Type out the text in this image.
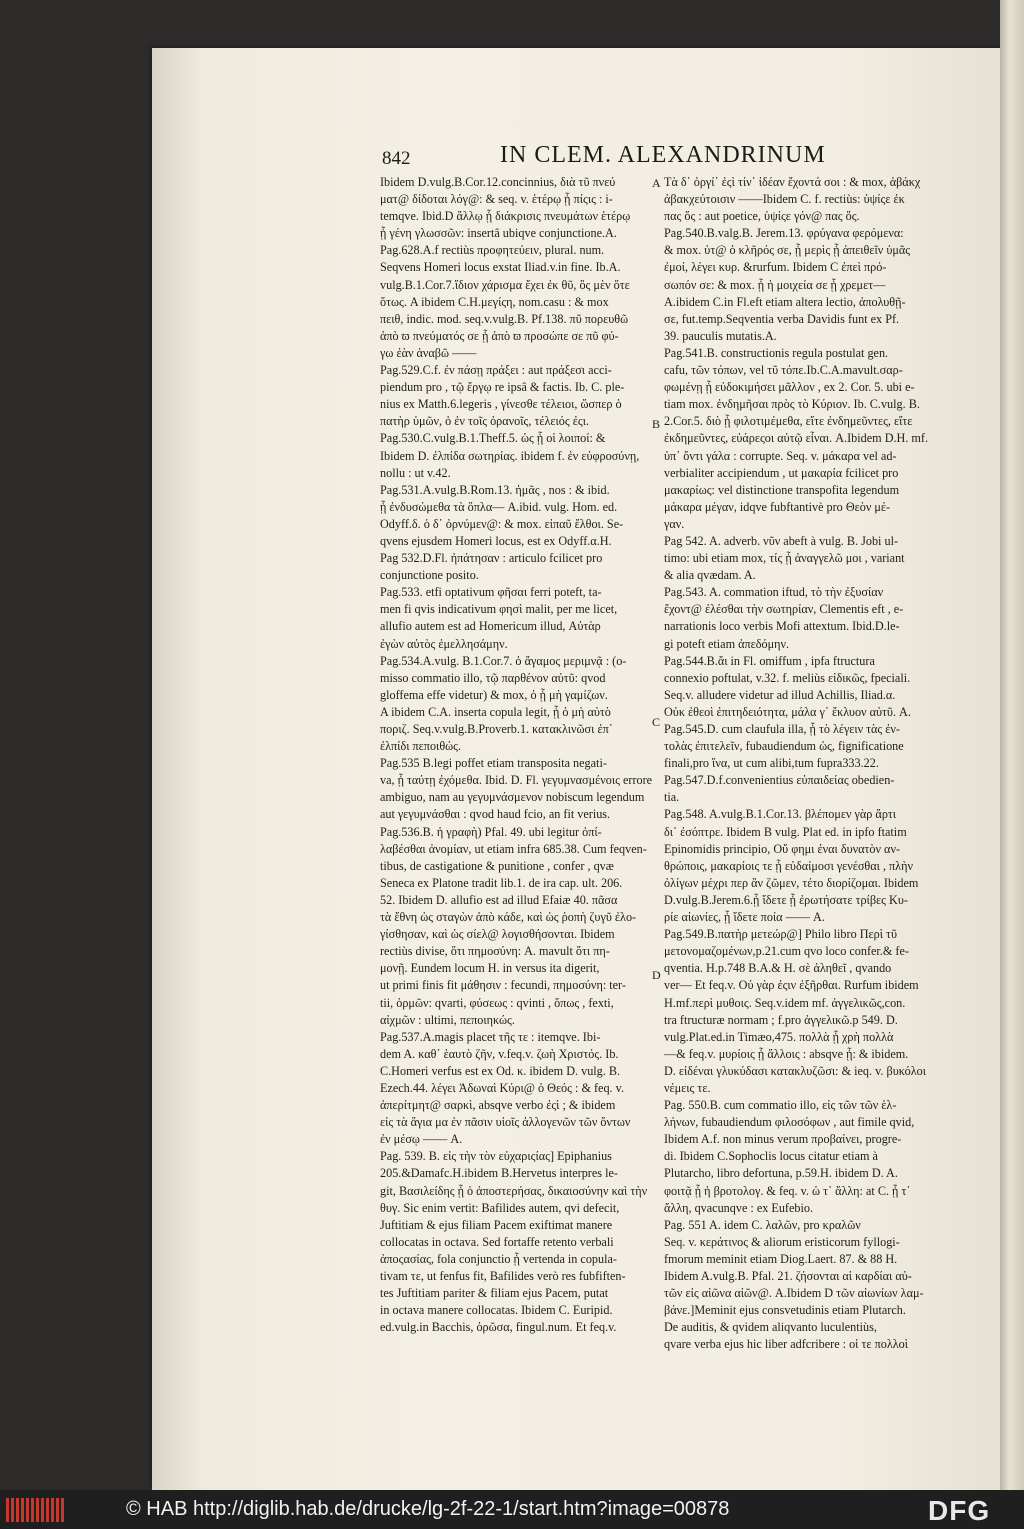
842	IN CLEM. ALEXANDRINUM
Ibidem D.vulg.B.Cor.12.concinnius, διὰ τῦ πνεύ
ματ@ δίδοται λόγ@: & seq. v. ἑτέρῳ ᾗ πίςις : i-
temqve. Ibid.D ἄλλῳ ᾗ διάκρισις πνευμάτων ἑτέρῳ
ᾗ γένη γλωσσῶν: insertâ ubiqve conjunctione.A.
Pag.628.A.f rectiùs προφητεύειν, plural. num.
Seqvens Homeri locus exstat Iliad.v.in fine. Ib.A.
vulg.B.1.Cor.7.ἴδιον χάρισμα ἔχει ἐκ θῦ, ὃς μὲν ὅτε
ὅτως. A ibidem C.H.μεγίςη, nom.casu : & mox
πειθ, indic. mod. seq.v.vulg.B. Pf.138. πῦ πορευθῶ
ἀπὸ ϖ πνεύματός σε ᾗ ἀπὸ ϖ προσώπε σε πῦ φύ-
γω ἐὰν ἀναβῶ ——
Pag.529.C.f. ἐν πάσῃ πράξει : aut πράξεσι acci-
piendum pro , τῷ ἔργῳ re ipsâ & factis. Ib. C. ple-
nius ex Matth.6.legeris , γίνεσθε τέλειοι, ὥσπερ ὁ
πατὴρ ὑμῶν, ὁ ἐν τοῖς ὀρανοῖς, τέλειός ἐςι.
Pag.530.C.vulg.B.1.Theff.5. ὡς ᾗ οἱ λοιποί: &
Ibidem D. ἐλπίδα σωτηρίας. ibidem f. ἐν εὐφροσύνῃ,
nollu : ut v.42.
Pag.531.A.vulg.B.Rom.13. ἡμᾶς , nos : & ibid.
ᾗ ἐνδυσώμεθα τὰ ὅπλα— A.ibid. vulg. Hom. ed.
Odyff.δ. ὁ δ᾽ ὀρνύμεν@: & mox. εἰπαῦ ἔλθοι. Se-
qvens ejusdem Homeri locus, est ex Odyff.α.H.
Pag 532.D.Fl. ἠπάτησαν : articulo fcilicet pro
conjunctione posito.
Pag.533. etfi optativum φῆσαι ferri poteft, ta-
men fi qvis indicativum φησὶ malit, per me licet,
allufio autem est ad Homericum illud, Αὐτὰρ
ἐγὼν αὐτὸς ἐμελλησάμην.
Pag.534.A.vulg. B.1.Cor.7. ὁ ἄγαμος μεριμνᾷ : (o-
misso commatio illo, τῷ παρθένον αὐτῦ: qvod
gloffema effe videtur) & mox, ὁ ᾗ μὴ γαμίζων.
A ibidem C.A. inserta copula legit, ᾗ ὁ μὴ αὐτὸ
ποριζ. Seq.v.vulg.B.Proverb.1. κατακλινῶσι ἐπ᾽
ἐλπίδι πεποιθώς.
Pag.535 B.legi poffet etiam transposita negati-
va, ᾗ ταύτῃ ἐχόμεθα. Ibid. D. Fl. γεγυμνασμένοις errore
ambiguo, nam au γεγυμνάσμενον nobiscum legendum
aut γεγυμνάσθαι : qvod haud fcio, an fit verius.
Pag.536.B. ἡ γραφὴ) Pfal. 49. ubi legitur ὀπί-
λαβέσθαι ἀνομίαν, ut etiam infra 685.38. Cum feqven-
tibus, de castigatione & punitione , confer , qvæ
Seneca ex Platone tradit lib.1. de ira cap. ult. 206.
52. Ibidem D. allufio est ad illud Efaiæ 40. πᾶσα
τὰ ἔθνη ὡς σταγὼν ἀπὸ κάδε, καὶ ὡς ῥοπὴ ζυγῦ ἐλο-
γίσθησαν, καὶ ὡς σίελ@ λογισθήσονται. Ibidem
rectiùs divise, ὅτι πημοσύνη: A. mavult ὅτι πη-
μονῇ. Eundem locum H. in versus ita digerit,
ut primi finis fit μάθησιν : fecundi, πημοσύνη: ter-
tii, ὁρμῶν: qvarti, φύσεως : qvinti , ὅπως , fexti,
αἰχμῶν : ultimi, πεποιηκώς.
Pag.537.A.magis placet τῆς τε : itemqve. Ibi-
dem A. καθ᾽ ἑαυτὸ ζῆν, v.feq.v. ζωὴ Χριστός. Ib.
C.Homeri verfus est ex Od. κ. ibidem D. vulg. B.
Ezech.44. λέγει Ἀδωναὶ Κύρι@ ὁ Θεός : & feq. v.
ἀπερίτμητ@ σαρκὶ, absqve verbo ἐςὶ ; & ibidem
εἰς τὰ ἅγια μα ἐν πᾶσιν υἱοῖς ἀλλογενῶν τῶν ὄντων
ἐν μέσῳ —— A.
Pag. 539. B. εἰς τὴν τὸν εὐχαριςίας] Epiphanius
205.&Damafc.H.ibidem B.Hervetus interpres le-
git, Βασιλείδης ᾗ ὁ ἀποστερήσας, δικαιοσύνην καὶ τὴν
θυγ. Sic enim vertit: Bafilides autem, qvi defecit,
Juftitiam & ejus filiam Pacem exiftimat manere
collocatas in octava. Sed fortaffe retento verbali
ἀποςασίας, fola conjunctio ᾗ vertenda in copula-
tivam τε, ut fenfus fit, Bafilides verò res fubfiften-
tes Juftitiam pariter & filiam ejus Pacem, putat
in octava manere collocatas. Ibidem C. Euripid.
ed.vulg.in Bacchis, ὁρῶσα, fingul.num. Et feq.v.
Τὰ δ᾽ ὀργί᾽ ἐςὶ τίν᾽ ἰδέαν ἔχοντά σοι : & mox, ἀβάκχ
ἀβακχεύτοισιν ——Ibidem C. f. rectiùs: ὑψίςε ἐκ
πας ὅς : aut poetice, ὑψίςε γόν@ πας ὅς.
Pag.540.B.valg.B. Jerem.13. φρύγανα φερόμενα:
& mox. ὑτ@ ὁ κλῆρός σε, ᾗ μερὶς ᾗ ἀπειθεῖν ὑμᾶς
ἐμοί, λέγει κυρ. &rurfum. Ibidem C ἐπεὶ πρό-
σωπόν σε: & mox. ᾗ ἡ μοιχεία σε ᾗ χρεμετ—
A.ibidem C.in Fl.eft etiam altera lectio, ἀπολυθῇ-
σε, fut.temp.Seqventia verba Davidis funt ex Pf.
39. pauculis mutatis.A.
Pag.541.B. constructionis regula postulat gen.
cafu, τῶν τόπων, vel τῦ τόπε.Ib.C.A.mavult.σαρ-
φωμένῃ ᾗ εὐδοκιμήσει μᾶλλον , ex 2. Cor. 5. ubi e-
tiam mox. ἐνδημῆσαι πρὸς τὸ Κύριον. Ib. C.vulg. B.
2.Cor.5. διὸ ᾗ φιλοτιμέμεθα, εἴτε ἐνδημεῦντες, εἴτε
ἐκδημεῦντες, εὐάρεςοι αὐτῷ εἶναι. A.Ibidem D.H. mf.
ὑπ᾽ ὄντι γάλα : corrupte. Seq. v. μάκαρα vel ad-
verbialiter accipiendum , ut μακαρία fcilicet pro
μακαρίως: vel distinctione transpofita legendum
μάκαρα μέγαν, idqve fubftantivè pro Θεὸν μέ-
γαν.
Pag 542. A. adverb. νῦν abeft à vulg. B. Jobi ul-
timo: ubi etiam mox, τίς ᾗ ἀναγγελῶ μοι , variant
& alia qvædam. A.
Pag.543. A. commation iftud, τὸ τὴν ἐξυσίαν
ἔχοντ@ ἐλέσθαι τὴν σωτηρίαν, Clementis eft , e-
narrationis loco verbis Mofi attextum. Ibid.D.le-
gi poteft etiam ἀπεδόμην.
Pag.544.B.ἄι in Fl. omiffum , ipfa ftructura
connexio poftulat, v.32. f. meliùs εἰδικῶς, fpeciali.
Seq.v. alludere videtur ad illud Achillis, Iliad.α.
Οὐκ ἐθεοὶ ἐπιτηδειότητα, μάλα γ᾽ ἔκλυον αὐτῦ. A.
Pag.545.D. cum claufula illa, ᾗ τὸ λέγειν τὰς ἐν-
τολὰς ἐπιτελεῖν, fubaudiendum ὡς, fignificatione
finali,pro ἵνα, ut cum alibi,tum fupra333.22.
Pag.547.D.f.convenientius εὐπαιδείας obedien-
tia.
Pag.548. A.vulg.B.1.Cor.13. βλέπομεν γὰρ ἄρτι
δι᾽ ἐσόπτρε. Ibidem B vulg. Plat ed. in ipfo ftatim
Epinomidis principio, Οὔ φημι ἐναι δυνατὸν αν-
θρώποις, μακαρίοις τε ᾗ εὐδαίμοσι γενέσθαι , πλὴν
ὀλίγων μέχρι περ ἂν ζῶμεν, τέτο διορίζομαι. Ibidem
D.vulg.B.Jerem.6.ᾗ ἴδετε ᾗ ἐρωτήσατε τρίβες Κυ-
ρίε αἰωνίες, ᾗ ἴδετε ποία —— A.
Pag.549.B.πατὴρ μετεώρ@] Philo libro Περὶ τῦ
μετονομαζομένων,p.21.cum qvo loco confer.& fe-
qventia. H.p.748 B.A.& H. σὲ ἀληθεῖ , qvando
ver— Et feq.v. Οὐ γὰρ ἐςιν ἐξῆρθαι. Rurfum ibidem
H.mf.περὶ μυθοις. Seq.v.idem mf. ἀγγελικῶς,con.
tra ftructuræ normam ; f.pro ἀγγελικῶ.p 549. D.
vulg.Plat.ed.in Timæo,475. πολλὰ ᾗ χρὴ πολλὰ
—& feq.v. μυρίοις ᾗ ἄλλοις : absqve ᾗ: & ibidem.
D. εἰδέναι γλυκύδασι κατακλυζῶσι: & ieq. v. βυκόλοι
νέμεις τε.
Pag. 550.B. cum commatio illo, εἰς τῶν τῶν ἑλ-
λήνων, fubaudiendum φιλοσόφων , aut fimile qvid,
Ibidem A.f. non minus verum προβαίνει, progre-
di. Ibidem C.Sophoclis locus citatur etiam à
Plutarcho, libro defortuna, p.59.H. ibidem D. A.
φοιτᾷ ᾗ ἡ βροτολογ. & feq. v. ὡ τ᾽ ἄλλη: at C. ᾗ τ᾽
ἄλλη, qvacunqve : ex Eufebio.
Pag. 551 A. idem C. λαλῶν, pro κραλῶν
Seq. v. κεράτινος & aliorum eristicorum fyllogi-
fmorum meminit etiam Diog.Laert. 87. & 88 H.
Ibidem A.vulg.B. Pfal. 21. ζήσονται αἱ καρδίαι αὐ-
τῶν εἰς αἰῶνα αἰῶν@. A.Ibidem D τῶν αἰωνίων λαμ-
βάνε.]Meminit ejus consvetudinis etiam Plutarch.
De auditis, & qvidem aliqvanto luculentiùs,
qvare verba ejus hic liber adfcribere : οἱ τε πολλοὶ
A
B
C
D
© HAB http://diglib.hab.de/drucke/lg-2f-22-1/start.htm?image=00878	DFG
